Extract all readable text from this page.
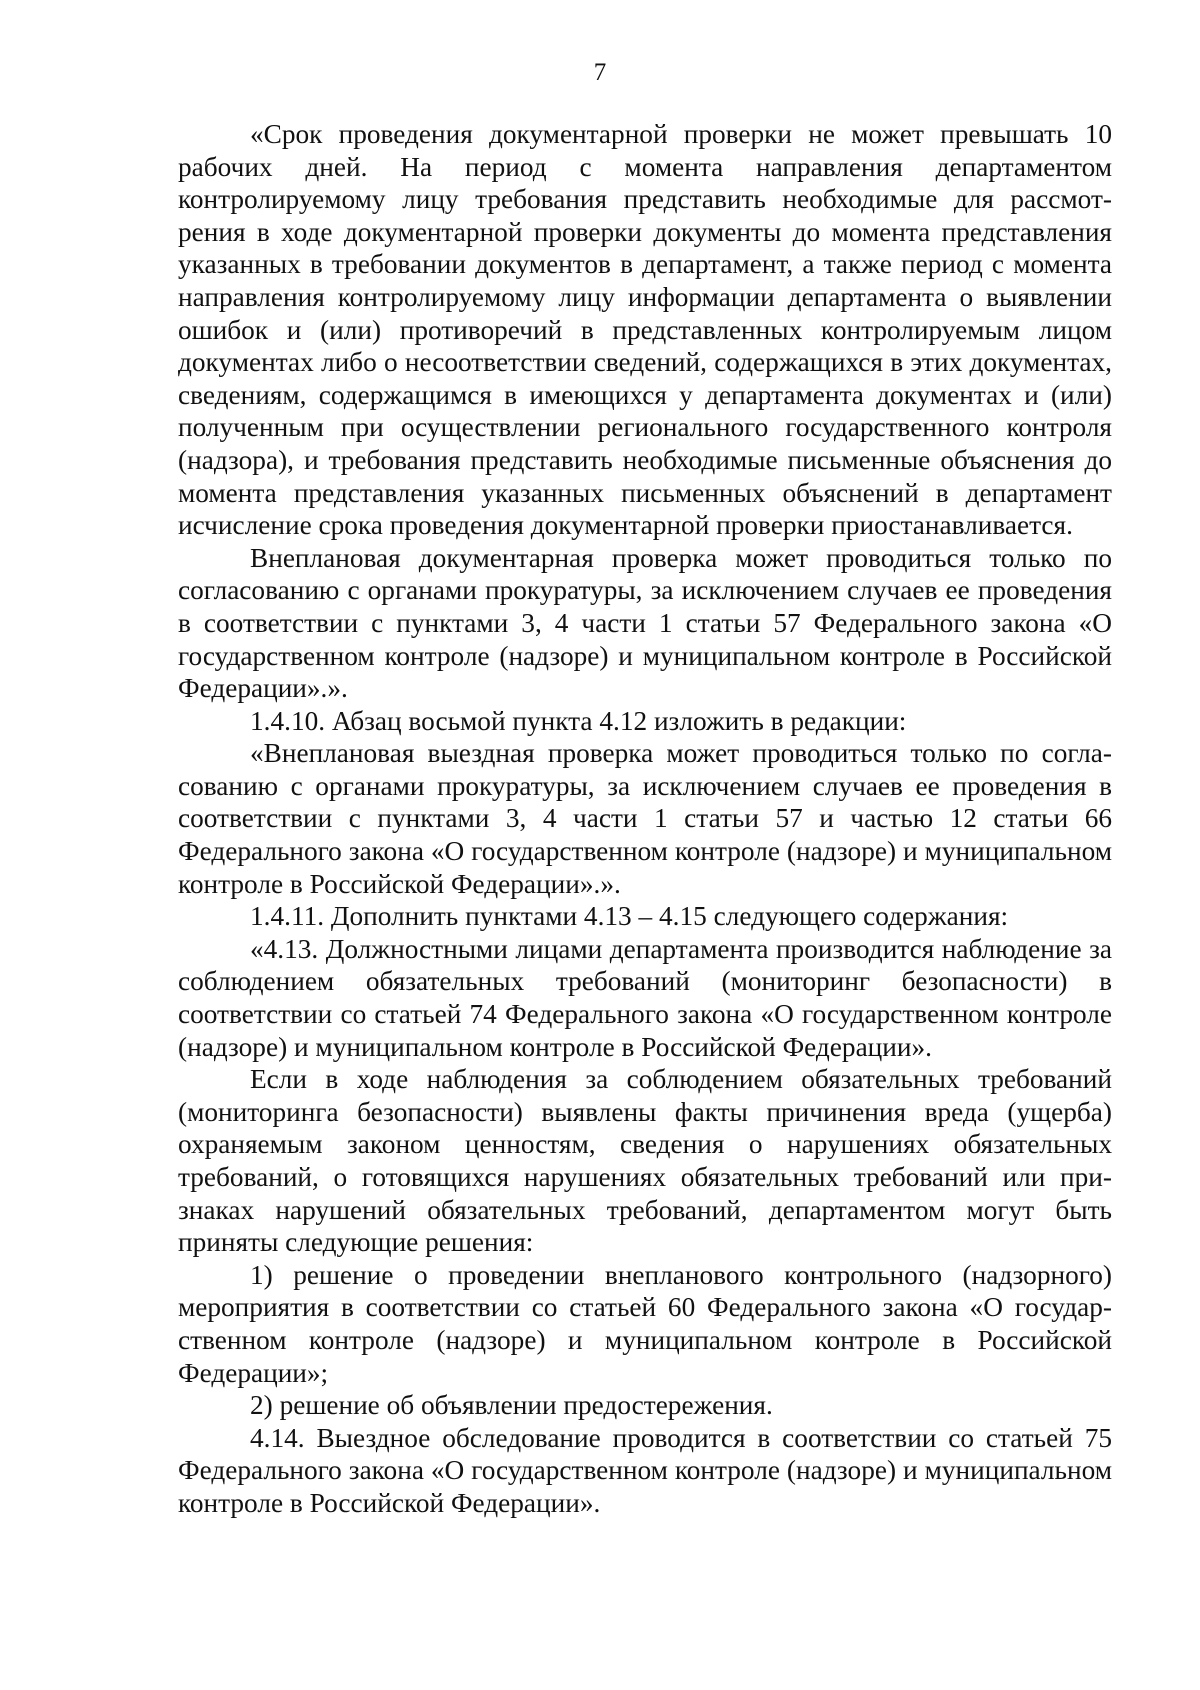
7

«Срок проведения документарной проверки не может превышать 10 рабочих дней. На период с момента направления департаментом контролируемому лицу требования представить необходимые для рассмотрения в ходе документарной проверки документы до момента представления указанных в требовании документов в департамент, а также период с момента направления контролируемому лицу информации департамента о выявлении ошибок и (или) противоречий в представленных контролируемым лицом документах либо о несоответствии сведений, содержащихся в этих документах, сведениям, содержащимся в имеющихся у департамента документах и (или) полученным при осуществлении регионального государственного контроля (надзора), и требования представить необходимые письменные объяснения до момента представления указанных письменных объяснений в департамент исчисление срока проведения документарной проверки приостанавливается.

Внеплановая документарная проверка может проводиться только по согласованию с органами прокуратуры, за исключением случаев ее проведения в соответствии с пунктами 3, 4 части 1 статьи 57 Федерального закона «О государственном контроле (надзоре) и муниципальном контроле в Российской Федерации».».

1.4.10. Абзац восьмой пункта 4.12 изложить в редакции:

«Внеплановая выездная проверка может проводиться только по согласованию с органами прокуратуры, за исключением случаев ее проведения в соответствии с пунктами 3, 4 части 1 статьи 57 и частью 12 статьи 66 Федерального закона «О государственном контроле (надзоре) и муниципальном контроле в Российской Федерации».».

1.4.11. Дополнить пунктами 4.13 – 4.15 следующего содержания:

«4.13. Должностными лицами департамента производится наблюдение за соблюдением обязательных требований (мониторинг безопасности) в соответствии со статьей 74 Федерального закона «О государственном контроле (надзоре) и муниципальном контроле в Российской Федерации».

Если в ходе наблюдения за соблюдением обязательных требований (мониторинга безопасности) выявлены факты причинения вреда (ущерба) охраняемым законом ценностям, сведения о нарушениях обязательных требований, о готовящихся нарушениях обязательных требований или признаках нарушений обязательных требований, департаментом могут быть приняты следующие решения:

1) решение о проведении внепланового контрольного (надзорного) мероприятия в соответствии со статьей 60 Федерального закона «О государственном контроле (надзоре) и муниципальном контроле в Российской Федерации»;

2) решение об объявлении предостережения.

4.14. Выездное обследование проводится в соответствии со статьей 75 Федерального закона «О государственном контроле (надзоре) и муниципальном контроле в Российской Федерации».
